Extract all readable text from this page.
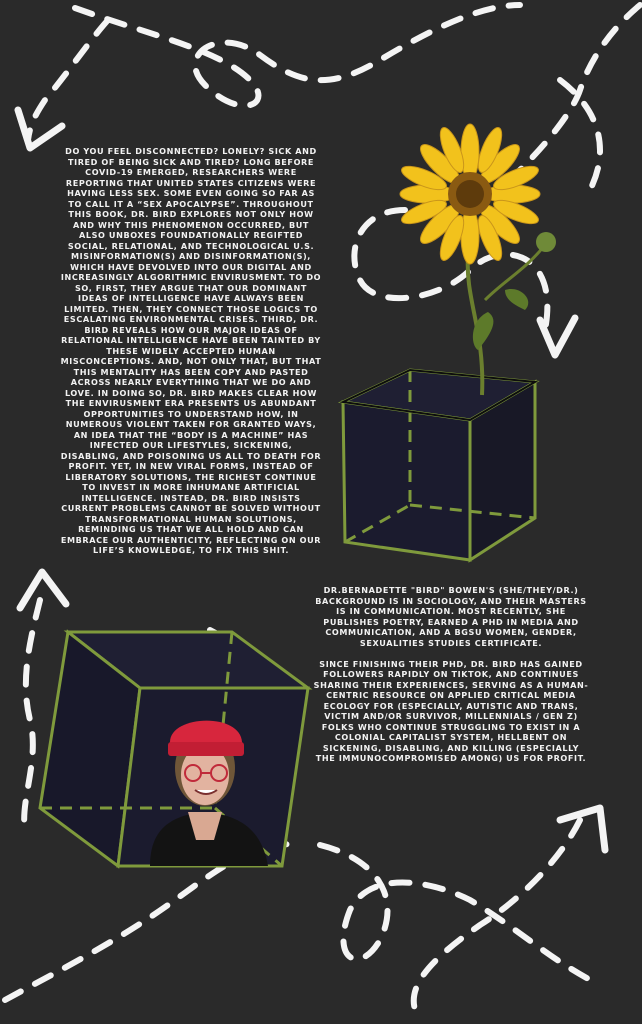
DO YOU FEEL DISCONNECTED? LONELY? SICK AND TIRED OF BEING SICK AND TIRED? LONG BEFORE COVID-19 EMERGED, RESEARCHERS WERE REPORTING THAT UNITED STATES CITIZENS WERE HAVING LESS SEX. SOME EVEN GOING SO FAR AS TO CALL IT A “SEX APOCALYPSE”. THROUGHOUT THIS BOOK, DR. BIRD EXPLORES NOT ONLY HOW AND WHY THIS PHENOMENON OCCURRED, BUT ALSO UNBOXES FOUNDATIONALLY REGIFTED SOCIAL, RELATIONAL, AND TECHNOLOGICAL U.S. MISINFORMATION(S) AND DISINFORMATION(S), WHICH HAVE DEVOLVED INTO OUR DIGITAL AND INCREASINGLY ALGORITHMIC ENVIRUSMENT. TO DO SO, FIRST, THEY ARGUE THAT OUR DOMINANT IDEAS OF INTELLIGENCE HAVE ALWAYS BEEN LIMITED. THEN, THEY CONNECT THOSE LOGICS TO ESCALATING ENVIRONMENTAL CRISES. THIRD, DR. BIRD REVEALS HOW OUR MAJOR IDEAS OF RELATIONAL INTELLIGENCE HAVE BEEN TAINTED BY THESE WIDELY ACCEPTED HUMAN MISCONCEPTIONS. AND, NOT ONLY THAT, BUT THAT THIS MENTALITY HAS BEEN COPY AND PASTED ACROSS NEARLY EVERYTHING THAT WE DO AND LOVE. IN DOING SO, DR. BIRD MAKES CLEAR HOW THE ENVIRUSMENT ERA PRESENTS US ABUNDANT OPPORTUNITIES TO UNDERSTAND HOW, IN NUMEROUS VIOLENT TAKEN FOR GRANTED WAYS, AN IDEA THAT THE “BODY IS A MACHINE” HAS INFECTED OUR LIFESTYLES, SICKENING, DISABLING, AND POISONING US ALL TO DEATH FOR PROFIT. YET, IN NEW VIRAL FORMS, INSTEAD OF LIBERATORY SOLUTIONS, THE RICHEST CONTINUE TO INVEST IN MORE INHUMANE ARTIFICIAL INTELLIGENCE. INSTEAD, DR. BIRD INSISTS CURRENT PROBLEMS CANNOT BE SOLVED WITHOUT TRANSFORMATIONAL HUMAN SOLUTIONS, REMINDING US THAT WE ALL HOLD AND CAN EMBRACE OUR AUTHENTICITY, REFLECTING ON OUR LIFE’S KNOWLEDGE, TO FIX THIS SHIT.

DR.BERNADETTE "BIRD" BOWEN'S (SHE/THEY/DR.) BACKGROUND IS IN SOCIOLOGY, AND THEIR MASTERS IS IN COMMUNICATION. MOST RECENTLY, SHE PUBLISHES POETRY, EARNED A PHD IN MEDIA AND COMMUNICATION, AND A BGSU WOMEN, GENDER, SEXUALITIES STUDIES CERTIFICATE.

SINCE FINISHING THEIR PHD, DR. BIRD HAS GAINED FOLLOWERS RAPIDLY ON TIKTOK, AND CONTINUES SHARING THEIR EXPERIENCES, SERVING AS A HUMAN-CENTRIC RESOURCE ON APPLIED CRITICAL MEDIA ECOLOGY FOR (ESPECIALLY, AUTISTIC AND TRANS, VICTIM AND/OR SURVIVOR, MILLENNIALS / GEN Z) FOLKS WHO CONTINUE STRUGGLING TO EXIST IN A COLONIAL CAPITALIST SYSTEM, HELLBENT ON SICKENING, DISABLING, AND KILLING (ESPECIALLY THE IMMUNOCOMPROMISED AMONG) US FOR PROFIT.
